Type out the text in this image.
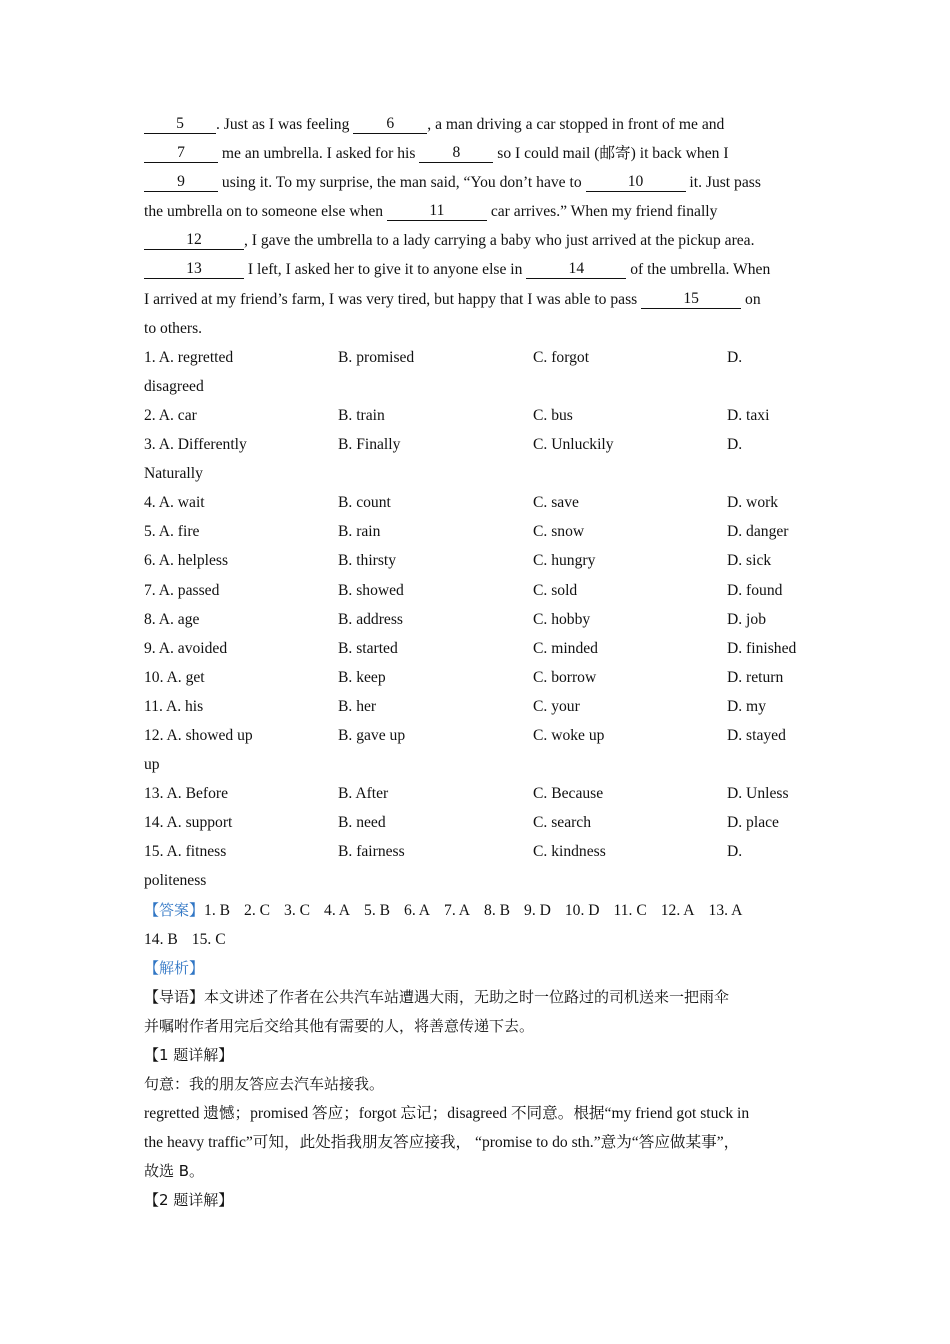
5 . Just as I was feeling 6 , a man driving a car stopped in front of me and
7 me an umbrella. I asked for his 8 so I could mail (邮寄) it back when I
9 using it. To my surprise, the man said, “You don’t have to	10	it. Just pass
the umbrella on to someone else when	11	car arrives.” When my friend finally
12	, I gave the umbrella to a lady carrying a baby who just arrived at the pickup area.
13	I left, I asked her to give it to anyone else in	14	of the umbrella. When
I arrived at my friend’s farm, I was very tired, but happy that I was able to pass	15	on
to others.
1. A. regretted	B. promised	C. forgot	D.
disagreed
2. A. car	B. train	C. bus	D. taxi
3. A. Differently	B. Finally	C. Unluckily	D.
Naturally
4. A. wait	B. count	C. save	D. work
5. A. fire	B. rain	C. snow	D. danger
6. A. helpless	B. thirsty	C. hungry	D. sick
7. A. passed	B. showed	C. sold	D. found
8. A. age	B. address	C. hobby	D. job
9. A. avoided	B. started	C. minded	D. finished
10. A. get	B. keep	C. borrow	D. return
11. A. his	B. her	C. your	D. my
12. A. showed up	B. gave up	C. woke up	D. stayed
up
13. A. Before	B. After	C. Because	D. Unless
14. A. support	B. need	C. search	D. place
15. A. fitness	B. fairness	C. kindness	D.
politeness
【答案】1. B 2. C 3. C 4. A 5. B 6. A 7. A 8. B 9. D 10. D 11. C 12. A 13. A
14. B 15. C
【解析】
【导语】本文讲述了作者在公共汽车站遭遇大雨，无助之时一位路过的司机送来一把雨伞
并嘱咐作者用完后交给其他有需要的人，将善意传递下去。
【1 题详解】
句意：我的朋友答应去汽车站接我。
regretted 遗憾；promised 答应；forgot 忘记；disagreed 不同意。根据“my friend got stuck in
the heavy traffic”可知，此处指我朋友答应接我， “promise to do sth.”意为“答应做某事”，
故选 B。
【2 题详解】
